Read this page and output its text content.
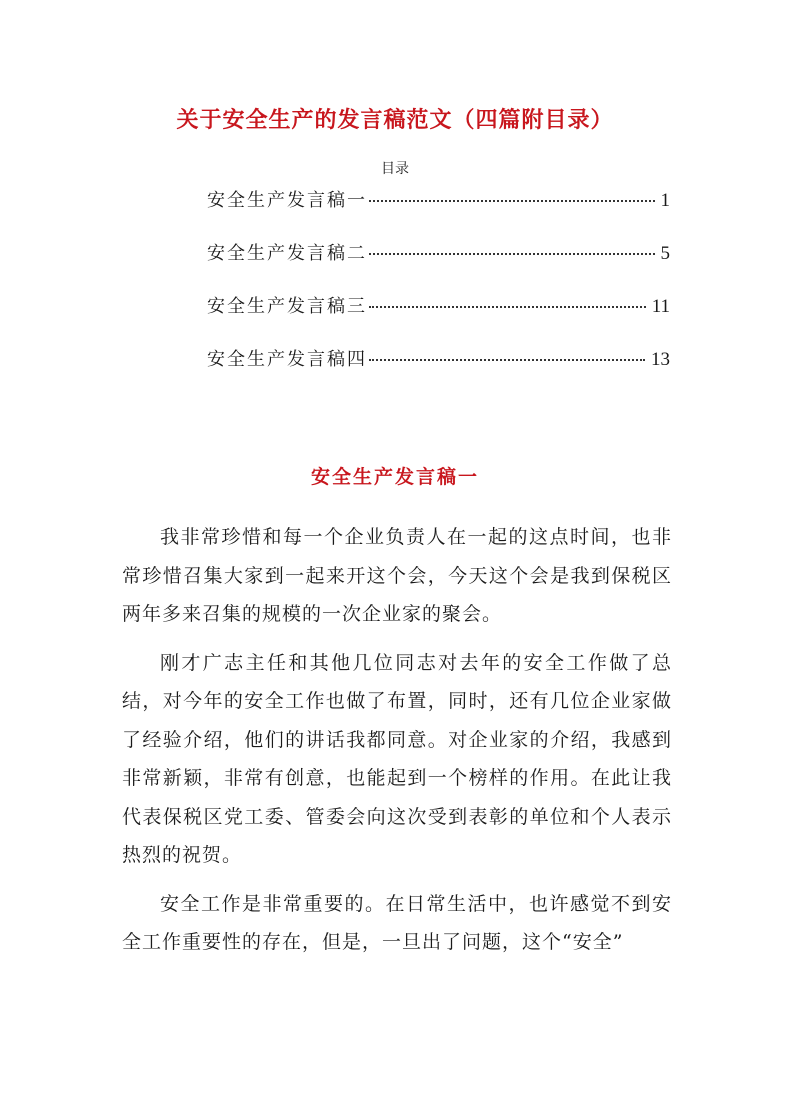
关于安全生产的发言稿范文（四篇附目录）
目录
安全生产发言稿一	1
安全生产发言稿二	5
安全生产发言稿三	11
安全生产发言稿四	13
安全生产发言稿一

我非常珍惜和每一个企业负责人在一起的这点时间，也非常珍惜召集大家到一起来开这个会，今天这个会是我到保税区两年多来召集的规模的一次企业家的聚会。

刚才广志主任和其他几位同志对去年的安全工作做了总结，对今年的安全工作也做了布置，同时，还有几位企业家做了经验介绍，他们的讲话我都同意。对企业家的介绍，我感到非常新颖，非常有创意，也能起到一个榜样的作用。在此让我代表保税区党工委、管委会向这次受到表彰的单位和个人表示热烈的祝贺。

安全工作是非常重要的。在日常生活中，也许感觉不到安全工作重要性的存在，但是，一旦出了问题，这个“安全”
